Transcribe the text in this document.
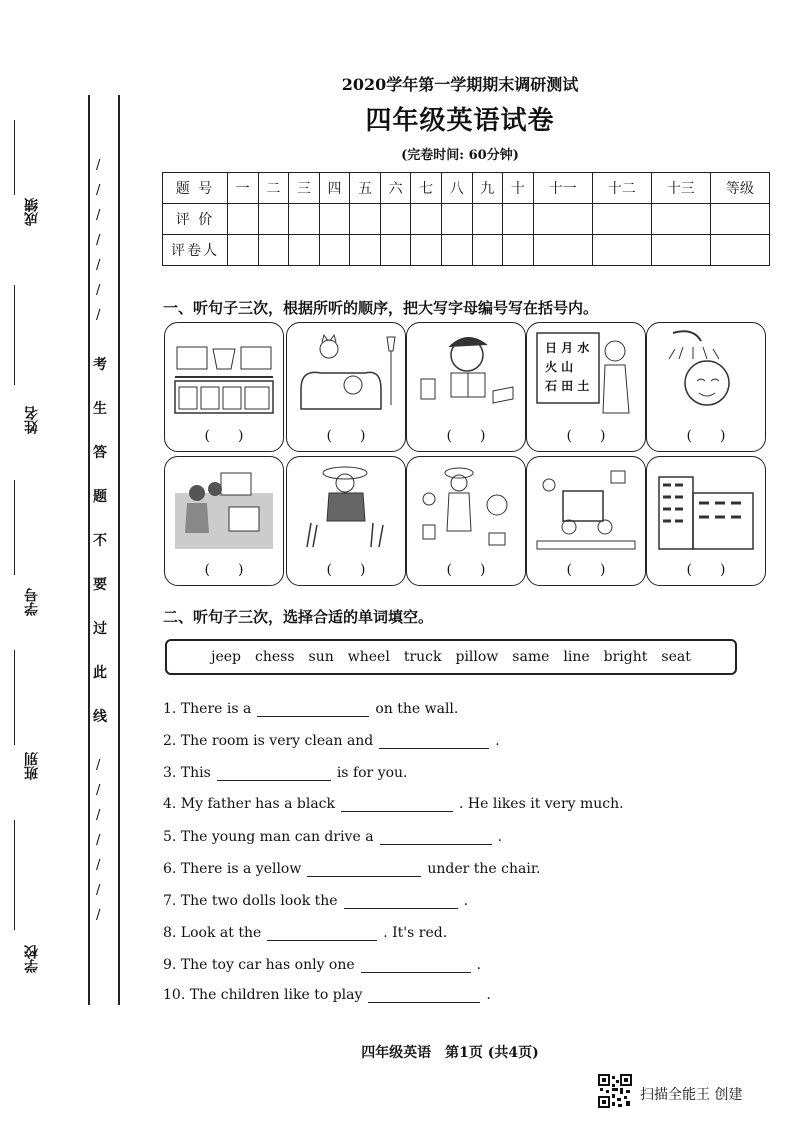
成绩
姓名
学号
班别
学校
/
/
/
/
/
/
/
考
生
答
题
不
要
过
此
线
/
/
/
/
/
/
/
2020学年第一学期期末调研测试
四年级英语试卷
(完卷时间: 60分钟)
题 号	一	二	三	四	五	六	七	八	九	十	十一	十二	十三	等级
评 价														
评卷人														
一、听句子三次，根据所听的顺序，把大写字母编号写在括号内。
(　　)	(　　)	(　　)
日 月 水
火 山
石 田 土
(　　)	(　　)
(　　)	(　　)	(　　)	(　　)	(　　)
二、听句子三次，选择合适的单词填空。
jeep chess sun wheel truck pillow same line bright seat
1. There is a	on the wall.
2. The room is very clean and	.
3. This	is for you.
4. My father has a black	. He likes it very much.
5. The young man can drive a	.
6. There is a yellow	under the chair.
7. The two dolls look the	.
8. Look at the	. It's red.
9. The toy car has only one	.
10. The children like to play	.
四年级英语　第1页 (共4页)
扫描全能王 创建
